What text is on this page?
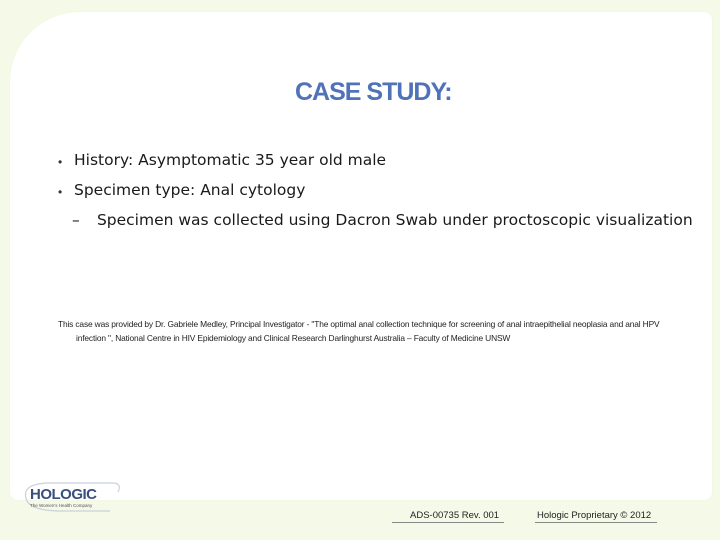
CASE STUDY:
• History: Asymptomatic 35 year old male
• Specimen type: Anal cytology
– Specimen was collected using Dacron Swab under proctoscopic visualization
This case was provided by Dr. Gabriele Medley, Principal Investigator - "The optimal anal collection technique for screening of anal intraepithelial neoplasia and anal HPV
infection ", National Centre in HIV Epidemiology and Clinical Research Darlinghurst Australia – Faculty of Medicine UNSW
HOLOGIC
The Women's Health Company
ADS-00735 Rev. 001	Hologic Proprietary © 2012
